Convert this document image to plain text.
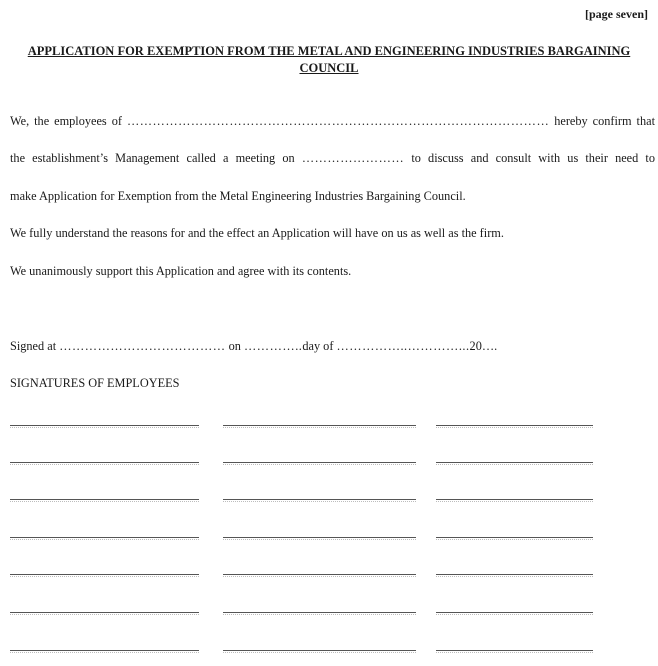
[page seven]
APPLICATION FOR EXEMPTION FROM THE METAL AND ENGINEERING INDUSTRIES BARGAINING
COUNCIL
We, the employees of ……………………………………………………………………………………… hereby confirm that
the establishment’s Management called a meeting on …………………… to discuss and consult with us their need to
make Application for Exemption from the Metal Engineering Industries Bargaining Council.
We fully understand the reasons for and the effect an Application will have on us as well as the firm.
We unanimously support this Application and agree with its contents.
Signed at ………………………………… on …………..day of ……………..…………...20….
SIGNATURES OF EMPLOYEES
